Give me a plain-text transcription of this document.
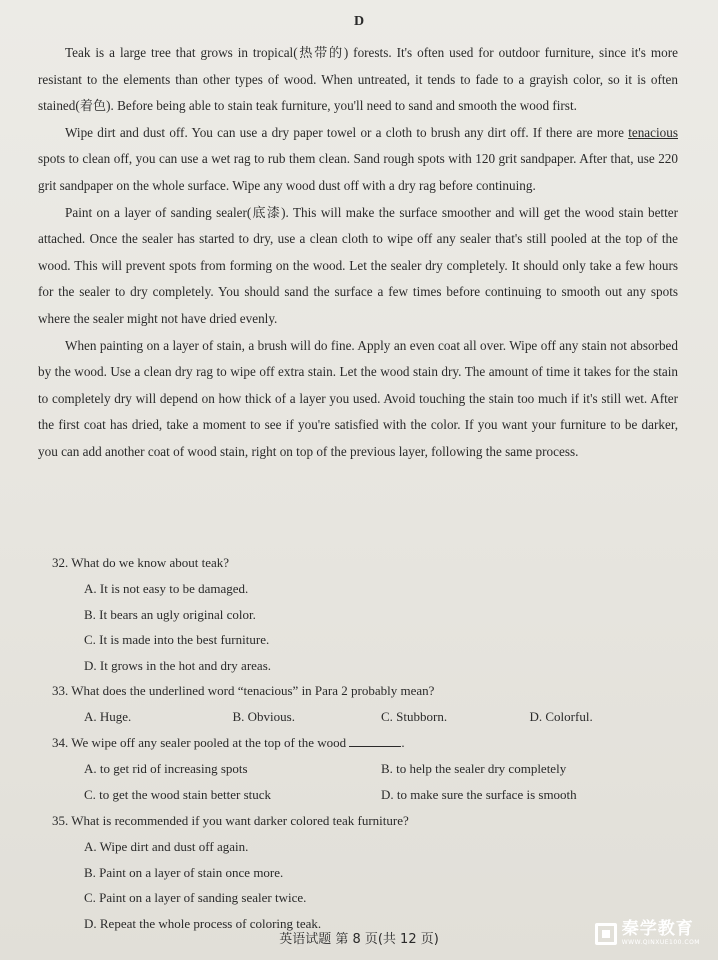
D

Teak is a large tree that grows in tropical(热带的) forests. It's often used for outdoor furniture, since it's more resistant to the elements than other types of wood. When untreated, it tends to fade to a grayish color, so it is often stained(着色). Before being able to stain teak furniture, you'll need to sand and smooth the wood first.

Wipe dirt and dust off. You can use a dry paper towel or a cloth to brush any dirt off. If there are more tenacious spots to clean off, you can use a wet rag to rub them clean. Sand rough spots with 120 grit sandpaper. After that, use 220 grit sandpaper on the whole surface. Wipe any wood dust off with a dry rag before continuing.

Paint on a layer of sanding sealer(底漆). This will make the surface smoother and will get the wood stain better attached. Once the sealer has started to dry, use a clean cloth to wipe off any sealer that's still pooled at the top of the wood. This will prevent spots from forming on the wood. Let the sealer dry completely. It should only take a few hours for the sealer to dry completely. You should sand the surface a few times before continuing to smooth out any spots where the sealer might not have dried evenly.

When painting on a layer of stain, a brush will do fine. Apply an even coat all over. Wipe off any stain not absorbed by the wood. Use a clean dry rag to wipe off extra stain. Let the wood stain dry. The amount of time it takes for the stain to completely dry will depend on how thick of a layer you used. Avoid touching the stain too much if it's still wet. After the first coat has dried, take a moment to see if you're satisfied with the color. If you want your furniture to be darker, you can add another coat of wood stain, right on top of the previous layer, following the same process.

32. What do we know about teak?
A. It is not easy to be damaged.
B. It bears an ugly original color.
C. It is made into the best furniture.
D. It grows in the hot and dry areas.
33. What does the underlined word “tenacious” in Para 2 probably mean?
A. Huge.	B. Obvious.	C. Stubborn.	D. Colorful.
34. We wipe off any sealer pooled at the top of the wood	.
A. to get rid of increasing spots	B. to help the sealer dry completely
C. to get the wood stain better stuck	D. to make sure the surface is smooth
35. What is recommended if you want darker colored teak furniture?
A. Wipe dirt and dust off again.
B. Paint on a layer of stain once more.
C. Paint on a layer of sanding sealer twice.
D. Repeat the whole process of coloring teak.
英语试题 第 8 页(共 12 页)
秦学教育
WWW.QINXUE100.COM
